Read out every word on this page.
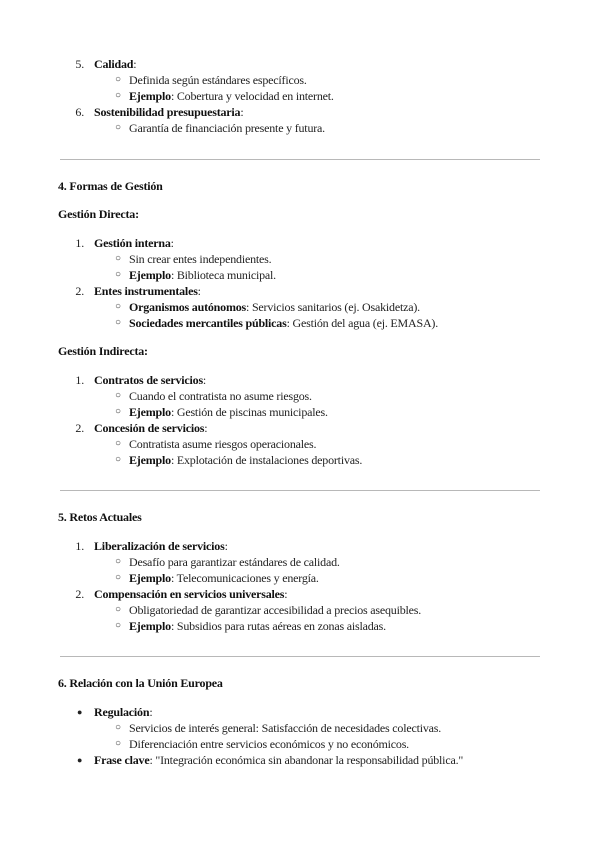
5. Calidad:
○ Definida según estándares específicos.
○ Ejemplo: Cobertura y velocidad en internet.
6. Sostenibilidad presupuestaria:
○ Garantía de financiación presente y futura.
4. Formas de Gestión
Gestión Directa:
1. Gestión interna:
○ Sin crear entes independientes.
○ Ejemplo: Biblioteca municipal.
2. Entes instrumentales:
○ Organismos autónomos: Servicios sanitarios (ej. Osakidetza).
○ Sociedades mercantiles públicas: Gestión del agua (ej. EMASA).
Gestión Indirecta:
1. Contratos de servicios:
○ Cuando el contratista no asume riesgos.
○ Ejemplo: Gestión de piscinas municipales.
2. Concesión de servicios:
○ Contratista asume riesgos operacionales.
○ Ejemplo: Explotación de instalaciones deportivas.
5. Retos Actuales
1. Liberalización de servicios:
○ Desafío para garantizar estándares de calidad.
○ Ejemplo: Telecomunicaciones y energía.
2. Compensación en servicios universales:
○ Obligatoriedad de garantizar accesibilidad a precios asequibles.
○ Ejemplo: Subsidios para rutas aéreas en zonas aisladas.
6. Relación con la Unión Europea
● Regulación:
○ Servicios de interés general: Satisfacción de necesidades colectivas.
○ Diferenciación entre servicios económicos y no económicos.
● Frase clave: "Integración económica sin abandonar la responsabilidad pública."
